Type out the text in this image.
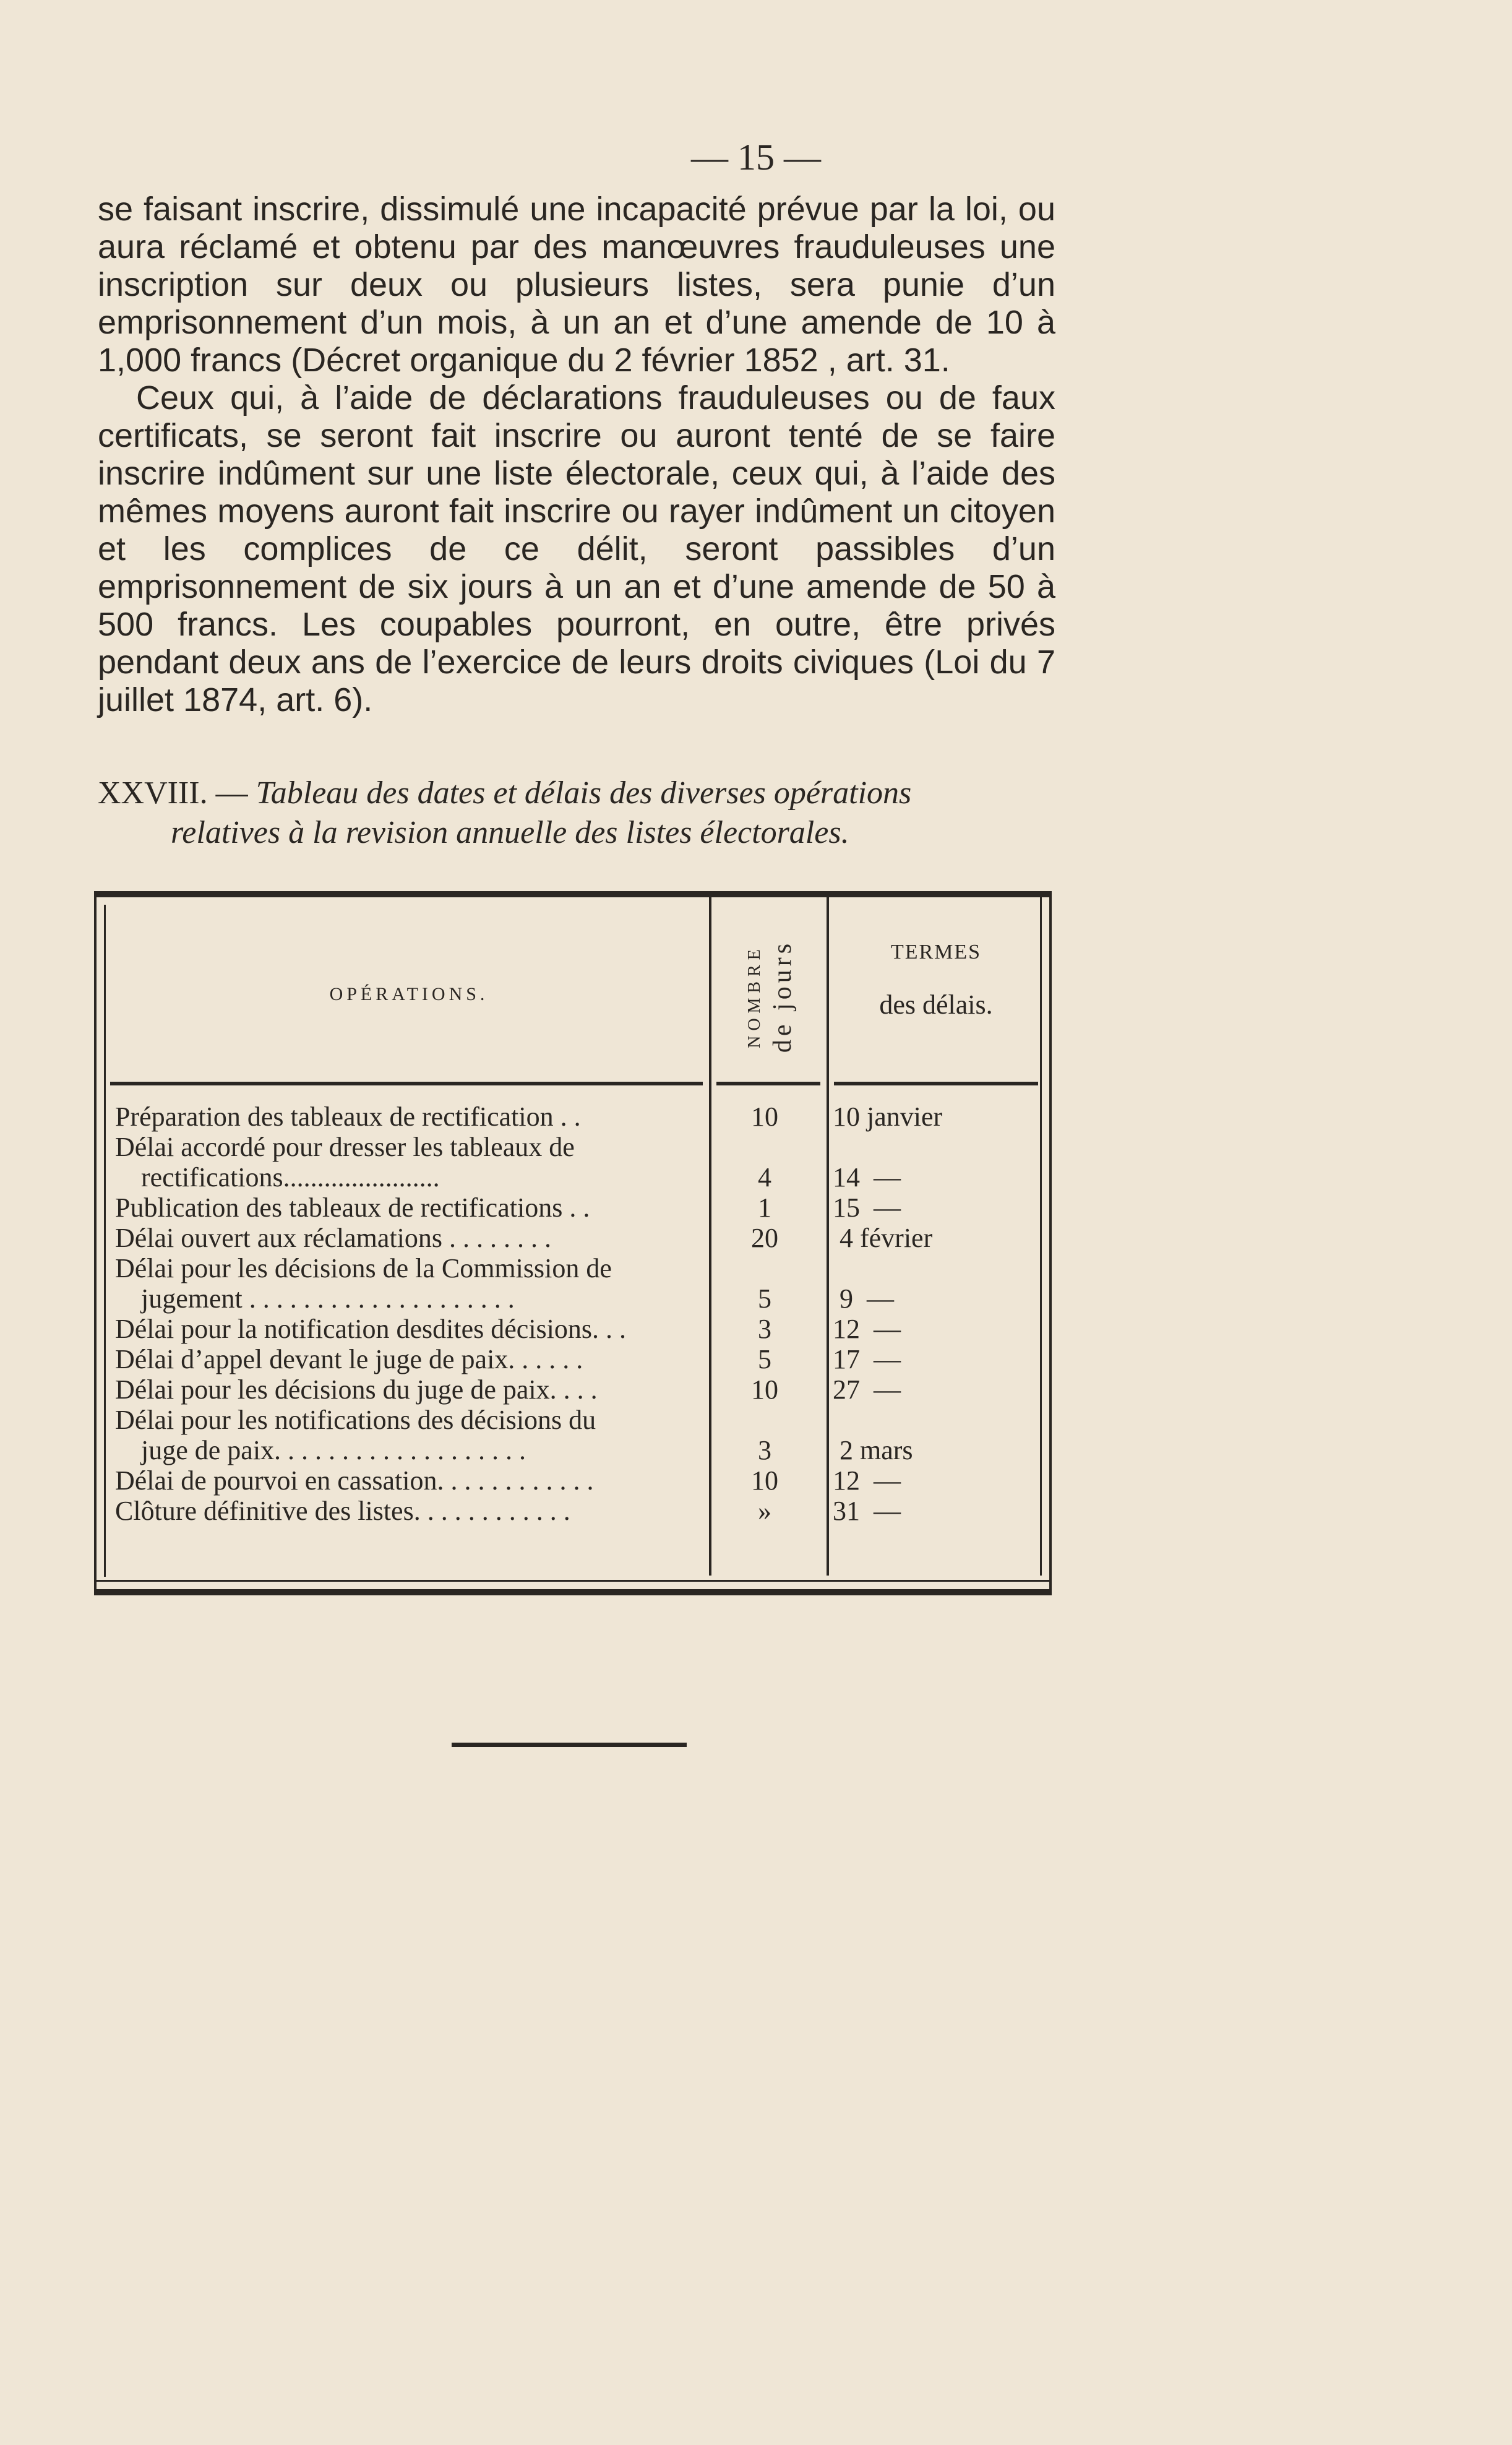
— 15 —

se faisant inscrire, dissimulé une incapacité prévue par la loi, ou aura réclamé et obtenu par des manœuvres frauduleuses une inscription sur deux ou plusieurs listes, sera punie d’un emprisonnement d’un mois, à un an et d’une amende de 10 à 1,000 francs (Décret organique du 2 février 1852 , art. 31.

Ceux qui, à l’aide de déclarations frauduleuses ou de faux certificats, se seront fait inscrire ou auront tenté de se faire inscrire indûment sur une liste électorale, ceux qui, à l’aide des mêmes moyens auront fait inscrire ou rayer indûment un citoyen et les complices de ce délit, seront passibles d’un emprisonnement de six jours à un an et d’une amende de 50 à 500 francs. Les coupables pourront, en outre, être privés pendant deux ans de l’exercice de leurs droits civiques (Loi du 7 juillet 1874, art. 6).

XXVIII. — Tableau des dates et délais des diverses opérations
relatives à la revision annuelle des listes électorales.
OPÉRATIONS.	NOMBRE de jours	TERMES
des délais.
Préparation des tableaux de rectification . .	10	10 janvier
Délai accordé pour dresser les tableaux de
rectifications.......................	4	14  —
Publication des tableaux de rectifications . .	1	15  —
Délai ouvert aux réclamations . . . . . . . .	20	4 février
Délai pour les décisions de la Commission de
jugement . . . . . . . . . . . . . . . . . . . .	5	9  —
Délai pour la notification desdites décisions. . .	3	12  —
Délai d’appel devant le juge de paix. . . . . .	5	17  —
Délai pour les décisions du juge de paix. . . .	10	27  —
Délai pour les notifications des décisions du
juge de paix. . . . . . . . . . . . . . . . . . .	3	2 mars
Délai de pourvoi en cassation. . . . . . . . . . . .	10	12  —
Clôture définitive des listes. . . . . . . . . . . .	»	31  —
